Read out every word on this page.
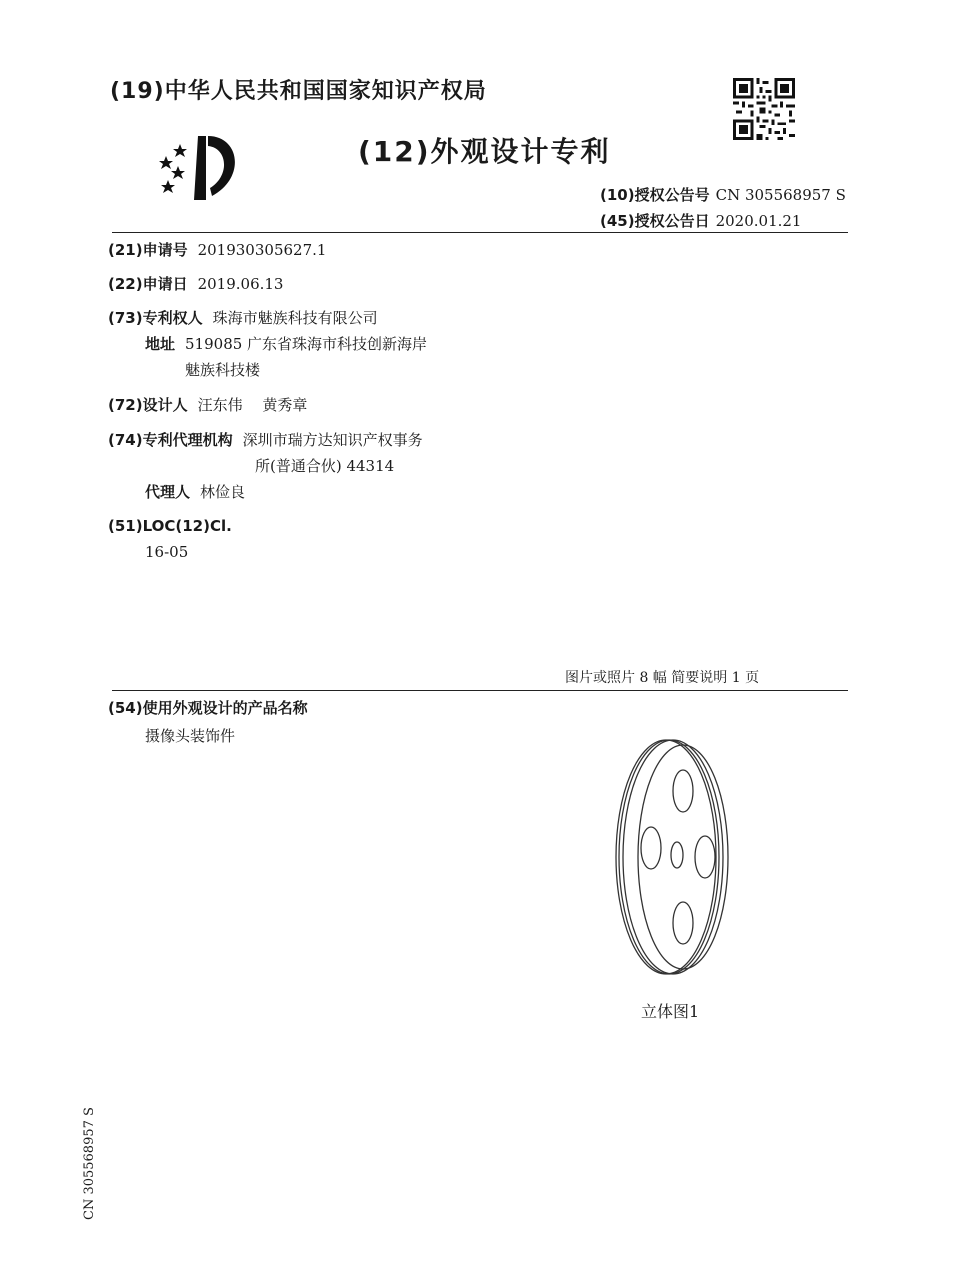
(19)中华人民共和国国家知识产权局
(12)外观设计专利
(10)授权公告号 CN 305568957 S
(45)授权公告日 2020.01.21
(21)申请号 201930305627.1
(22)申请日 2019.06.13
(73)专利权人 珠海市魅族科技有限公司
地址 519085 广东省珠海市科技创新海岸
魅族科技楼
(72)设计人 汪东伟　 黄秀章
(74)专利代理机构 深圳市瑞方达知识产权事务
所(普通合伙) 44314
代理人 林俭良
(51)LOC(12)Cl.
16-05
图片或照片 8 幅 简要说明 1 页
(54)使用外观设计的产品名称
摄像头装饰件
立体图1
CN 305568957 S
